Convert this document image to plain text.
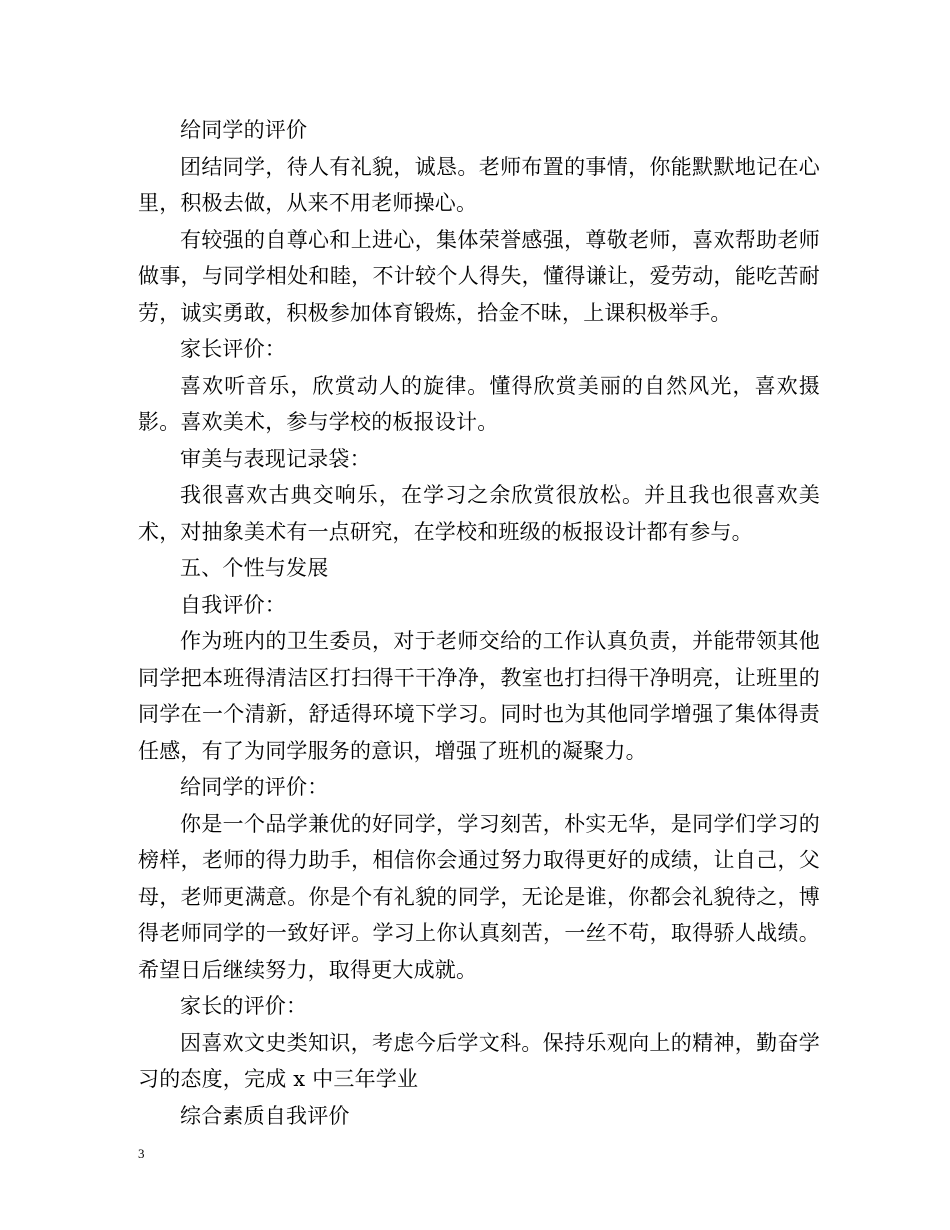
给同学的评价

团结同学，待人有礼貌，诚恳。老师布置的事情，你能默默地记在心里，积极去做，从来不用老师操心。

有较强的自尊心和上进心，集体荣誉感强，尊敬老师，喜欢帮助老师做事，与同学相处和睦，不计较个人得失，懂得谦让，爱劳动，能吃苦耐劳，诚实勇敢，积极参加体育锻炼，拾金不昧，上课积极举手。

家长评价：

喜欢听音乐，欣赏动人的旋律。懂得欣赏美丽的自然风光，喜欢摄影。喜欢美术，参与学校的板报设计。

审美与表现记录袋：

我很喜欢古典交响乐，在学习之余欣赏很放松。并且我也很喜欢美术，对抽象美术有一点研究，在学校和班级的板报设计都有参与。

五、个性与发展

自我评价：

作为班内的卫生委员，对于老师交给的工作认真负责，并能带领其他同学把本班得清洁区打扫得干干净净，教室也打扫得干净明亮，让班里的同学在一个清新，舒适得环境下学习。同时也为其他同学增强了集体得责任感，有了为同学服务的意识，增强了班机的凝聚力。

给同学的评价：

你是一个品学兼优的好同学，学习刻苦，朴实无华，是同学们学习的榜样，老师的得力助手，相信你会通过努力取得更好的成绩，让自己，父母，老师更满意。你是个有礼貌的同学，无论是谁，你都会礼貌待之，博得老师同学的一致好评。学习上你认真刻苦，一丝不苟，取得骄人战绩。希望日后继续努力，取得更大成就。

家长的评价：

因喜欢文史类知识，考虑今后学文科。保持乐观向上的精神，勤奋学习的态度，完成 x 中三年学业

综合素质自我评价

3
